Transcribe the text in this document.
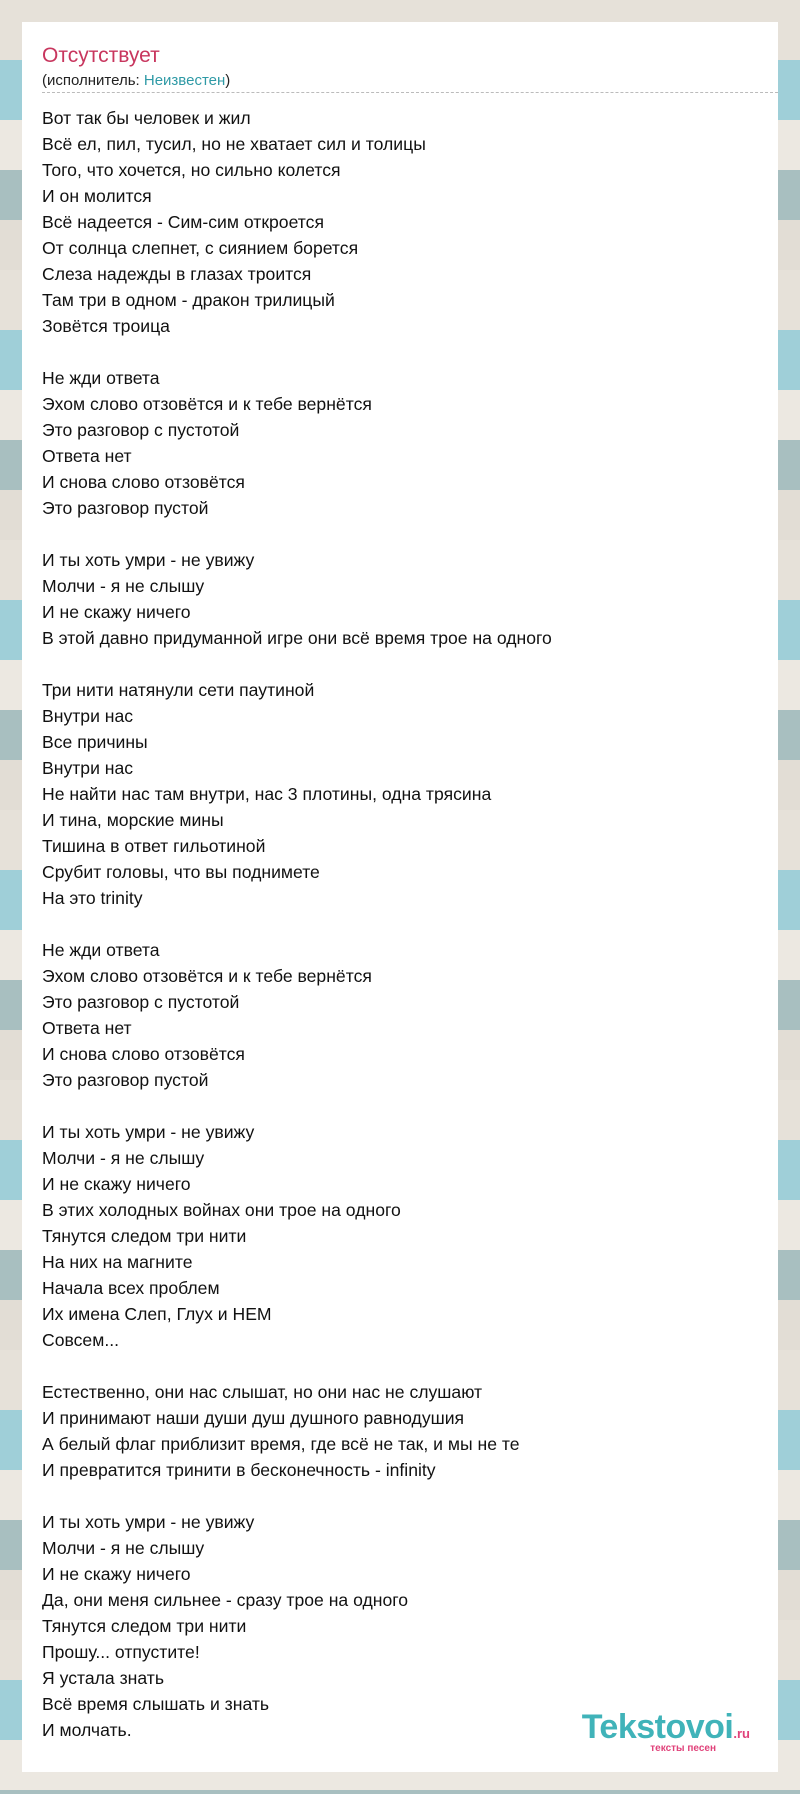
Отсутствует
(исполнитель: Неизвестен)
Вот так бы человек и жил
Всё ел, пил, тусил, но не хватает сил и толицы
Того, что хочется, но сильно колется
И он молится
Всё надеется - Сим-сим откроется
От солнца слепнет, с сиянием борется
Слеза надежды в глазах троится
Там три в одном - дракон трилицый
Зовётся троица
Не жди ответа
Эхом слово отзовётся и к тебе вернётся
Это разговор с пустотой
Ответа нет
И снова слово отзовётся
Это разговор пустой
И ты хоть умри - не увижу
Молчи - я не слышу
И не скажу ничего
В этой давно придуманной игре они всё время трое на одного
Три нити натянули сети паутиной
Внутри нас
Все причины
Внутри нас
Не найти нас там внутри, нас 3 плотины, одна трясина
И тина, морские мины
Тишина в ответ гильотиной
Срубит головы, что вы поднимете
На это trinity
Не жди ответа
Эхом слово отзовётся и к тебе вернётся
Это разговор с пустотой
Ответа нет
И снова слово отзовётся
Это разговор пустой
И ты хоть умри - не увижу
Молчи - я не слышу
И не скажу ничего
В этих холодных войнах они трое на одного
Тянутся следом три нити
На них на магните
Начала всех проблем
Их имена Слеп, Глух и НЕМ
Совсем...
Естественно, они нас слышат, но они нас не слушают
И принимают наши души душ душного равнодушия
А белый флаг приблизит время, где всё не так, и мы не те
И превратится тринити в бесконечность - infinity
И ты хоть умри - не увижу
Молчи - я не слышу
И не скажу ничего
Да, они меня сильнее - сразу трое на одного
Тянутся следом три нити
Прошу... отпустите!
Я устала знать
Всё время слышать и знать
И молчать.	Tekstovoi.ru
тексты песен
